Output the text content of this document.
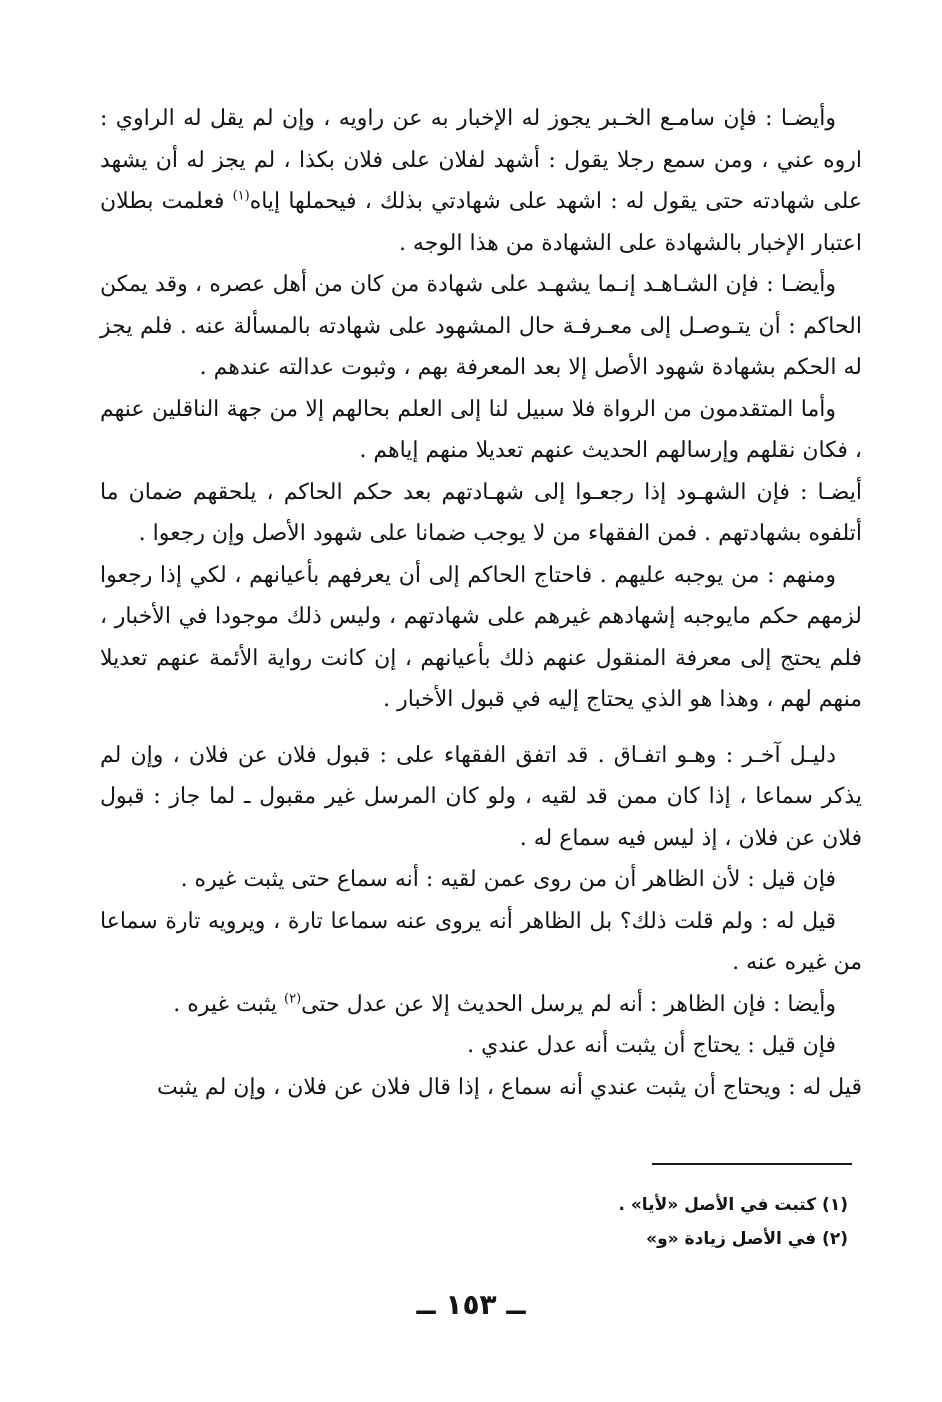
وأيضـا : فإن سامـع الخـبر يجوز له الإخبار به عن راويه ، وإن لم يقل له الراوي : اروه عني ، ومن سمع رجلا يقول : أشهد لفلان على فلان بكذا ، لم يجز له أن يشهد على شهادته حتى يقول له : اشهد على شهادتي بذلك ، فيحملها إياه$^{(١)}$ فعلمت بطلان اعتبار الإخبار بالشهادة على الشهادة من هذا الوجه .

وأيضـا : فإن الشـاهـد إنـما يشهـد على شهادة من كان من أهل عصره ، وقد يمكن الحاكم : أن يتـوصـل إلى معـرفـة حال المشهود على شهادته بالمسألة عنه . فلم يجز له الحكم بشهادة شهود الأصل إلا بعد المعرفة بهم ، وثبوت عدالته عندهم .

وأما المتقدمون من الرواة فلا سبيل لنا إلى العلم بحالهم إلا من جهة الناقلين عنهم ، فكان نقلهم وإرسالهم الحديث عنهم تعديلا منهم إياهم .

أيضـا : فإن الشهـود إذا رجعـوا إلى شهـادتهم بعد حكم الحاكم ، يلحقهم ضمان ما أتلفوه بشهادتهم . فمن الفقهاء من لا يوجب ضمانا على شهود الأصل وإن رجعوا .

ومنهم : من يوجبه عليهم . فاحتاج الحاكم إلى أن يعرفهم بأعيانهم ، لكي إذا رجعوا لزمهم حكم مايوجبه إشهادهم غيرهم على شهادتهم ، وليس ذلك موجودا في الأخبار ، فلم يحتج إلى معرفة المنقول عنهم ذلك بأعيانهم ، إن كانت رواية الأئمة عنهم تعديلا منهم لهم ، وهذا هو الذي يحتاج إليه في قبول الأخبار .

دليـل آخـر : وهـو اتفـاق . قد اتفق الفقهاء على : قبول فلان عن فلان ، وإن لم يذكر سماعا ، إذا كان ممن قد لقيه ، ولو كان المرسل غير مقبول ـ لما جاز : قبول فلان عن فلان ، إذ ليس فيه سماع له .

فإن قيل : لأن الظاهر أن من روى عمن لقيه : أنه سماع حتى يثبت غيره .

قيل له : ولم قلت ذلك؟ بل الظاهر أنه يروى عنه سماعا تارة ، ويرويه تارة سماعا من غيره عنه .

وأيضا : فإن الظاهر : أنه لم يرسل الحديث إلا عن عدل حتى$^{(٢)}$ يثبت غيره .

فإن قيل : يحتاج أن يثبت أنه عدل عندي .

قيل له : ويحتاج أن يثبت عندي أنه سماع ، إذا قال فلان عن فلان ، وإن لم يثبت

(١) كتبت في الأصل «لأيا» .
(٢) في الأصل زيادة «و»
ــ ١٥٣ ــ
